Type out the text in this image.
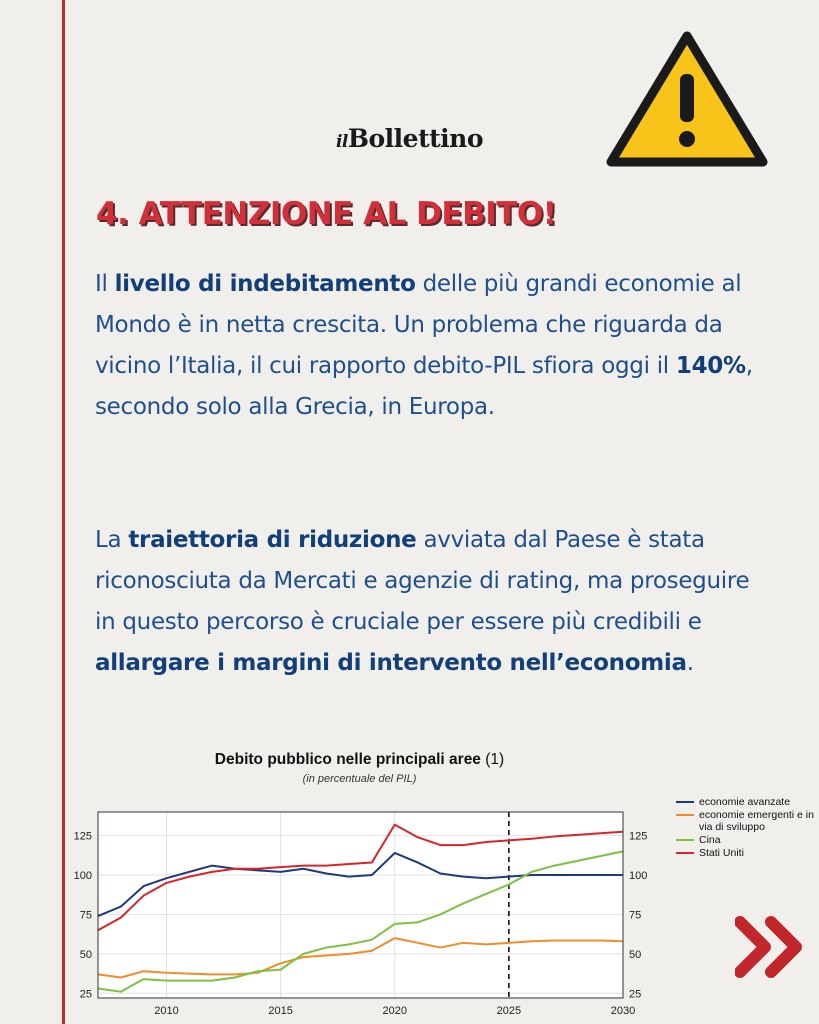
ilBollettino
4. ATTENZIONE AL DEBITO!
Il livello di indebitamento delle più grandi economie al Mondo è in netta crescita. Un problema che riguarda da vicino l’Italia, il cui rapporto debito-PIL sfiora oggi il 140%, secondo solo alla Grecia, in Europa.
La traiettoria di riduzione avviata dal Paese è stata riconosciuta da Mercati e agenzie di rating, ma proseguire in questo percorso è cruciale per essere più credibili e allargare i margini di intervento nell’economia.
Debito pubblico nelle principali aree (1)
(in percentuale del PIL)
25	25
50	50
75	75
100	100
125	125
2010	2015	2020	2025	2030
economie avanzate
economie emergenti e in via di sviluppo
Cina
Stati Uniti
